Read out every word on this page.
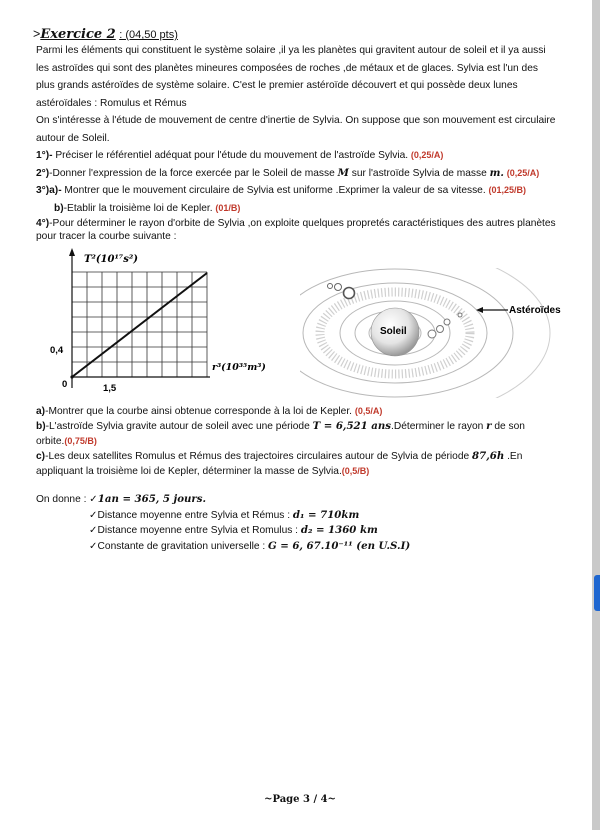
>Exercice 2 : (04,50 pts)
Parmi les éléments qui constituent le système solaire ,il ya les planètes qui gravitent autour de soleil et il ya aussi les astroïdes qui sont des planètes mineures composées de roches ,de métaux et de glaces. Sylvia est l'un des plus grands astéroïdes de système solaire. C'est le premier astéroïde découvert et qui possède deux lunes astéroïdales : Romulus et Rémus
On s'intéresse à l'étude de mouvement de centre d'inertie de Sylvia. On suppose que son mouvement est circulaire autour de Soleil.
1°)- Préciser le référentiel adéquat pour l'étude du mouvement de l'astroïde Sylvia. (0,25/A)
2°)-Donner l'expression de la force exercée par le Soleil de masse M sur l'astroïde Sylvia de masse m. (0,25/A)
3°)a)- Montrer que le mouvement circulaire de Sylvia est uniforme .Exprimer la valeur de sa vitesse. (01,25/B)
b)-Etablir la troisième loi de Kepler. (01/B)
4°)-Pour déterminer le rayon d'orbite de Sylvia ,on exploite quelques propretés caractéristiques des autres planètes pour tracer la courbe suivante :
T²(10¹⁷s²)
r³(10³⁵m³)
0,4
1,5
0
Soleil
Astéroïdes
a)-Montrer que la courbe ainsi obtenue corresponde à la loi de Kepler. (0,5/A)
b)-L'astroïde Sylvia gravite autour de soleil avec une période T = 6,521 ans.Déterminer le rayon r de son orbite.(0,75/B)
c)-Les deux satellites Romulus et Rémus des trajectoires circulaires autour de Sylvia de période 87,6h .En appliquant la troisième loi de Kepler, déterminer la masse de Sylvia.(0,5/B)
On donne : ✓1an = 365, 5 jours.
✓Distance moyenne entre Sylvia et Rémus : d₁ = 710km
✓Distance moyenne entre Sylvia et Romulus : d₂ = 1360 km
✓Constante de gravitation universelle : G = 6, 67.10⁻¹¹ (en U.S.I)
~Page 3 / 4~
